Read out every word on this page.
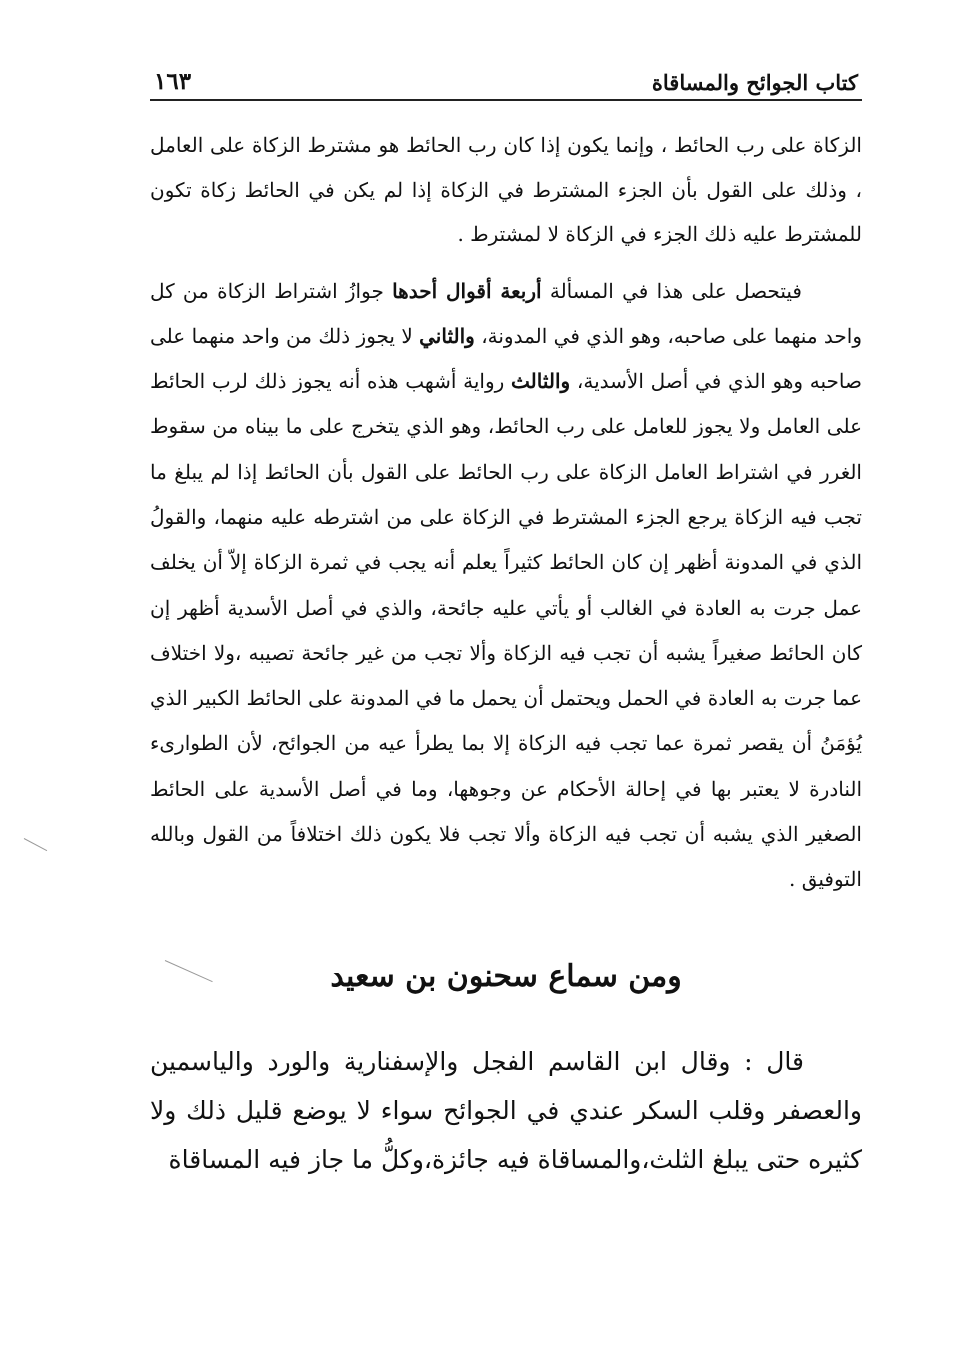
كتاب الجوائح والمساقاة
١٦٣

الزكاة على رب الحائط ، وإنما يكون إذا كان رب الحائط هو مشترط الزكاة على العامل ، وذلك على القول بأن الجزء المشترط في الزكاة إذا لم يكن في الحائط زكاة تكون للمشترط عليه ذلك الجزء في الزكاة لا لمشترط .

فيتحصل على هذا في المسألة أربعة أقوال أحدها جوازُ اشتراط الزكاة من كل واحد منهما على صاحبه، وهو الذي في المدونة، والثاني لا يجوز ذلك من واحد منهما على صاحبه وهو الذي في أصل الأسدية، والثالث رواية أشهب هذه أنه يجوز ذلك لرب الحائط على العامل ولا يجوز للعامل على رب الحائط، وهو الذي يتخرج على ما بيناه من سقوط الغرر في اشتراط العامل الزكاة على رب الحائط على القول بأن الحائط إذا لم يبلغ ما تجب فيه الزكاة يرجع الجزء المشترط في الزكاة على من اشترطه عليه منهما، والقولُ الذي في المدونة أظهر إن كان الحائط كثيراً يعلم أنه يجب في ثمرة الزكاة إلاّ أن يخلف عمل جرت به العادة في الغالب أو يأتي عليه جائحة، والذي في أصل الأسدية أظهر إن كان الحائط صغيراً يشبه أن تجب فيه الزكاة وألا تجب من غير جائحة تصيبه ،ولا اختلاف عما جرت به العادة في الحمل ويحتمل أن يحمل ما في المدونة على الحائط الكبير الذي يُؤمَنُ أن يقصر ثمرة عما تجب فيه الزكاة إلا بما يطرأ عيه من الجوائح، لأن الطوارىء النادرة لا يعتبر بها في إحالة الأحكام عن وجوهها، وما في أصل الأسدية على الحائط الصغير الذي يشبه أن تجب فيه الزكاة وألا تجب فلا يكون ذلك اختلافاً من القول وبالله التوفيق .

ومن سماع سحنون بن سعيد

قال : وقال ابن القاسم الفجل والإسفنارية والورد والياسمين والعصفر وقلب السكر عندي في الجوائح سواء لا يوضع قليل ذلك ولا كثيره حتى يبلغ الثلث،والمساقاة فيه جائزة،وكلُّ ما جاز فيه المساقاة
